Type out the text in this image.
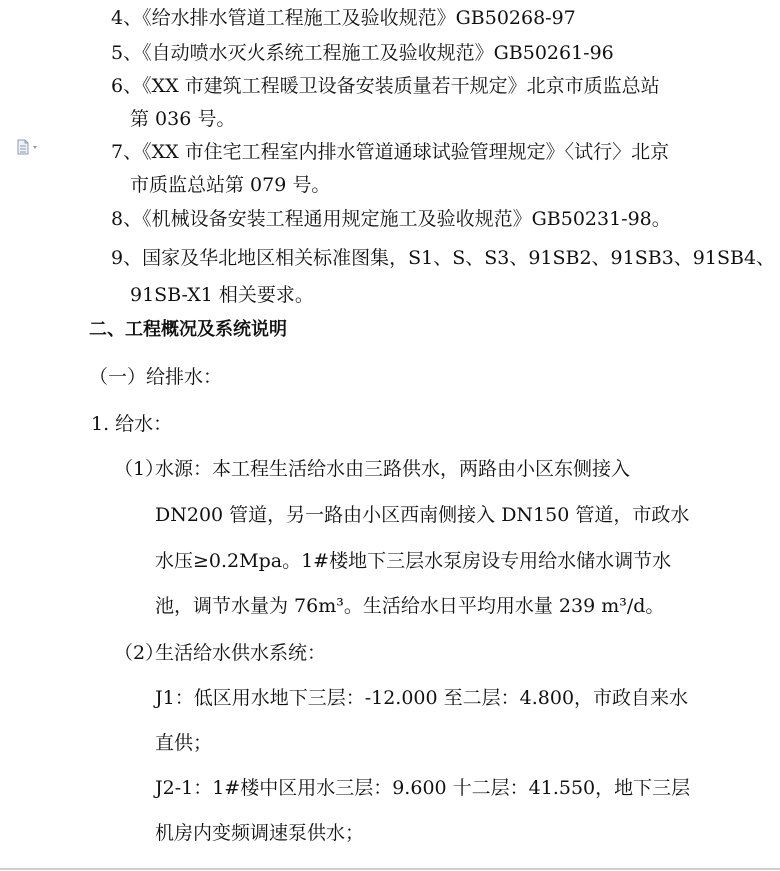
4、《给水排水管道工程施工及验收规范》GB50268-97
5、《自动喷水灭火系统工程施工及验收规范》GB50261-96
6、《XX 市建筑工程暖卫设备安装质量若干规定》北京市质监总站
第 036 号。
7、《XX 市住宅工程室内排水管道通球试验管理规定》〈试行〉北京
市质监总站第 079 号。
8、《机械设备安装工程通用规定施工及验收规范》GB50231-98。
9、国家及华北地区相关标准图集，S1、S、S3、91SB2、91SB3、91SB4、
91SB-X1 相关要求。
二、工程概况及系统说明
（一）给排水：
1. 给水：
（1）
水源：本工程生活给水由三路供水，两路由小区东侧接入
DN200 管道，另一路由小区西南侧接入 DN150 管道，市政水
水压≥0.2Mpa。1#楼地下三层水泵房设专用给水储水调节水
池，调节水量为 76m³。生活给水日平均用水量 239 m³/d。
（2）
生活给水供水系统：
J1：低区用水地下三层：-12.000 至二层：4.800，市政自来水
直供；
J2-1：1#楼中区用水三层：9.600 十二层：41.550，地下三层
机房内变频调速泵供水；
